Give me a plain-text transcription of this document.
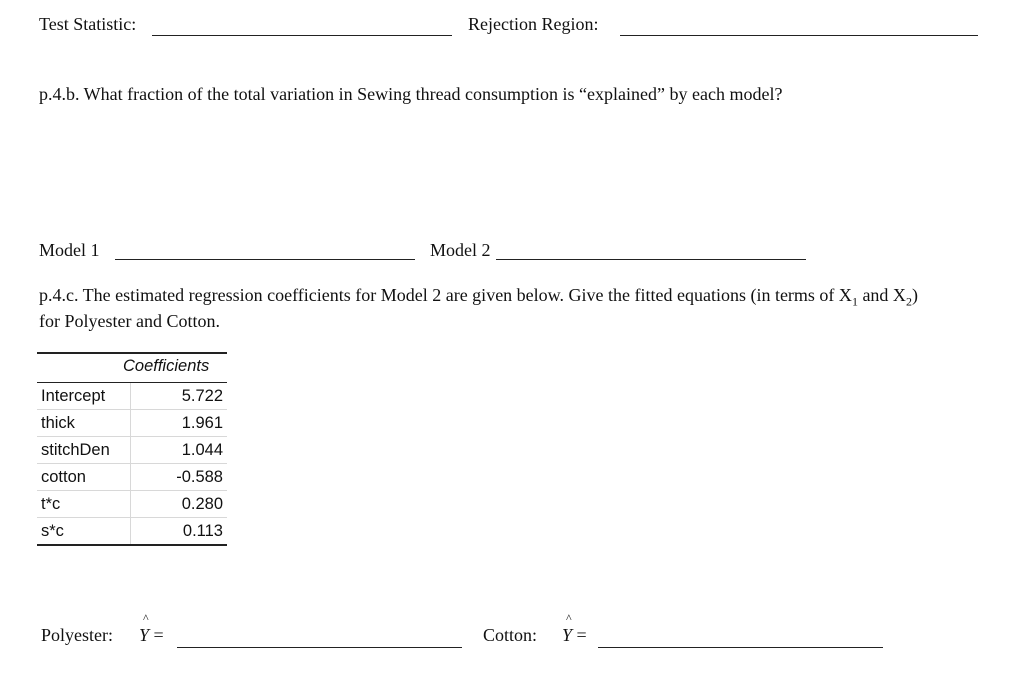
Test Statistic:	Rejection Region:
p.4.b. What fraction of the total variation in Sewing thread consumption is “explained” by each model?
Model 1	Model 2
p.4.c. The estimated regression coefficients for Model 2 are given below. Give the fitted equations (in terms of $X_1$ and $X_2$)
for Polyester and Cotton.
Coefficients
Intercept	5.722
thick	1.961
stitchDen	1.044
cotton	-0.588
t*c	0.280
s*c	0.113
Polyester:
^
Y =	Cotton:
^
Y =
